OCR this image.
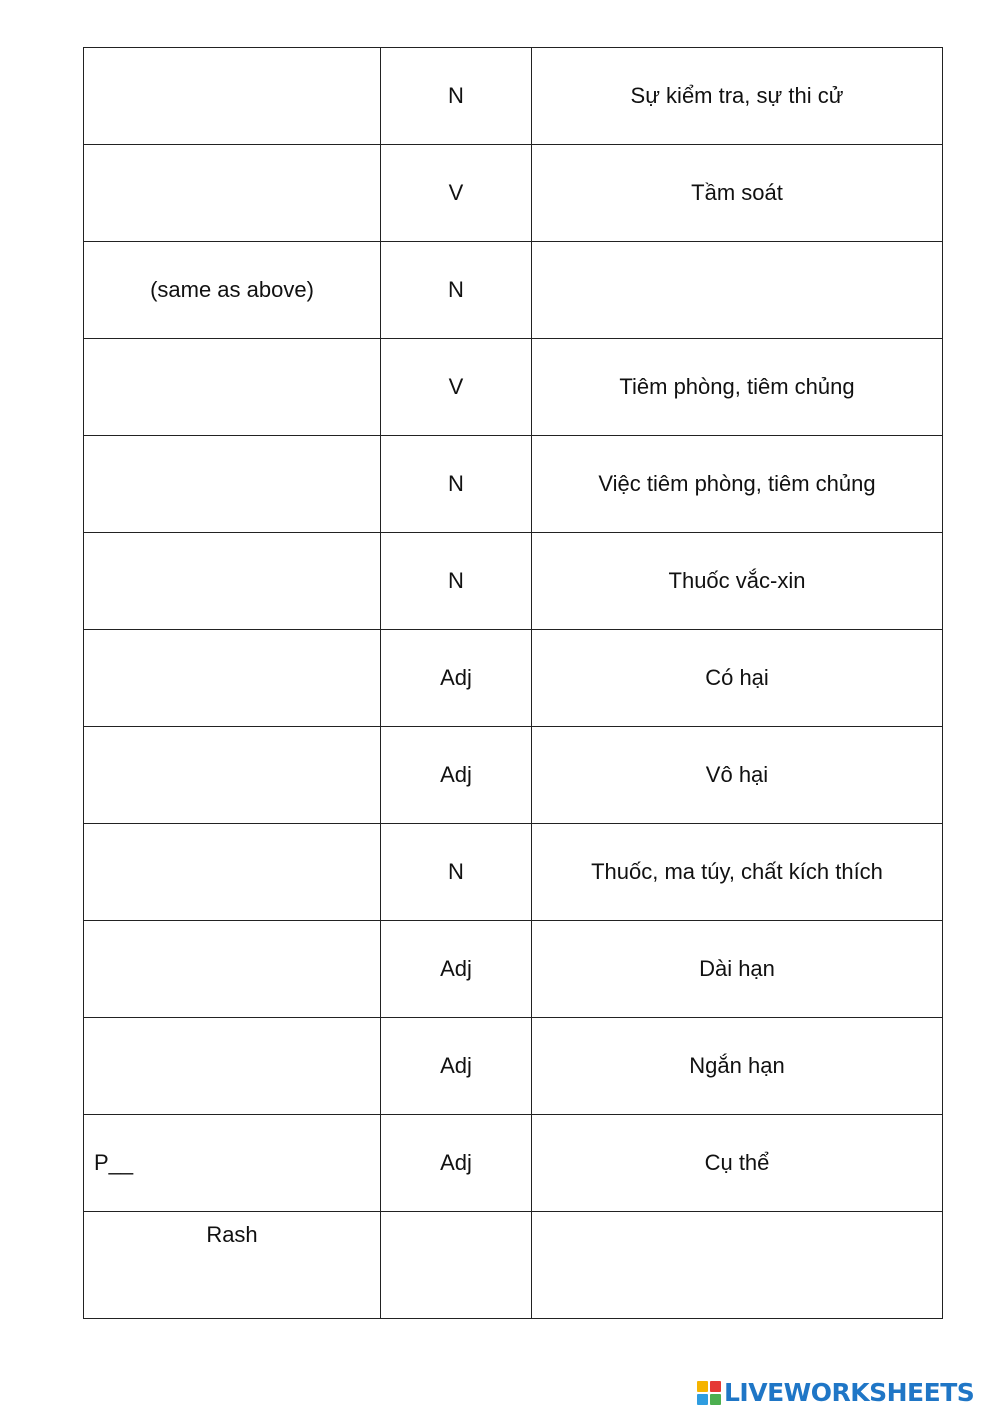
	N	Sự kiểm tra, sự thi cử
	V	Tầm soát
(same as above)	N	
	V	Tiêm phòng, tiêm chủng
	N	Việc tiêm phòng, tiêm chủng
	N	Thuốc vắc-xin
	Adj	Có hại
	Adj	Vô hại
	N	Thuốc, ma túy, chất kích thích
	Adj	Dài hạn
	Adj	Ngắn hạn
P__	Adj	Cụ thể
Rash		
LIVEWORKSHEETS
